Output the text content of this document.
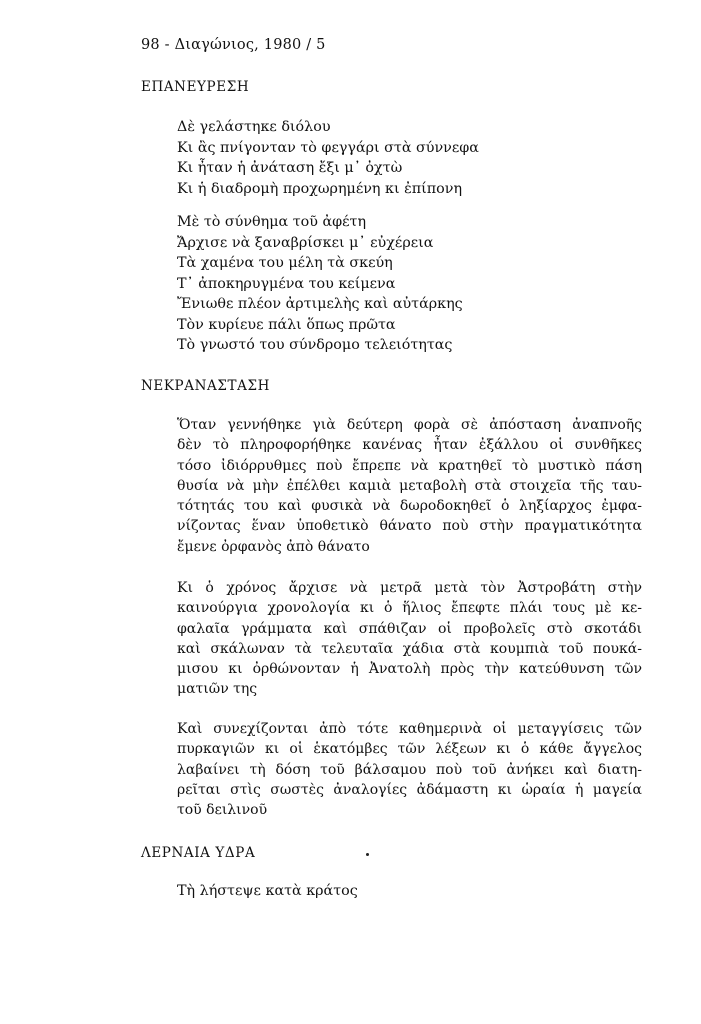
98 - Διαγώνιος, 1980 / 5
ΕΠΑΝΕΥΡΕΣΗ
Δὲ γελάστηκε διόλου
Κι ἂς πνίγονταν τὸ φεγγάρι στὰ σύννεφα
Κι ἦταν ἡ ἀνάταση ἔξι μ᾽ ὀχτὼ
Κι ἡ διαδρομὴ προχωρημένη κι ἐπίπονη
Μὲ τὸ σύνθημα τοῦ ἀφέτη
Ἄρχισε νὰ ξαναβρίσκει μ᾽ εὐχέρεια
Τὰ χαμένα του μέλη τὰ σκεύη
Τ᾽ ἀποκηρυγμένα του κείμενα
Ἔνιωθε πλέον ἀρτιμελὴς καὶ αὐτάρκης
Τὸν κυρίευε πάλι ὅπως πρῶτα
Τὸ γνωστό του σύνδρομο τελειότητας
ΝΕΚΡΑΝΑΣΤΑΣΗ
Ὅταν γεννήθηκε γιὰ δεύτερη φορὰ σὲ ἀπόσταση ἀναπνοῆς
δὲν τὸ πληροφορήθηκε κανένας ἦταν ἐξάλλου οἱ συνθῆκες
τόσο ἰδιόρρυθμες ποὺ ἔπρεπε νὰ κρατηθεῖ τὸ μυστικὸ πάση
θυσία νὰ μὴν ἐπέλθει καμιὰ μεταβολὴ στὰ στοιχεῖα τῆς ταυ-
τότητάς του καὶ φυσικὰ νὰ δωροδοκηθεῖ ὁ ληξίαρχος ἐμφα-
νίζοντας ἕναν ὑποθετικὸ θάνατο ποὺ στὴν πραγματικότητα
ἔμενε ὀρφανὸς ἀπὸ θάνατο
Κι ὁ χρόνος ἄρχισε νὰ μετρᾶ μετὰ τὸν Ἀστροβάτη στὴν
καινούργια χρονολογία κι ὁ ἥλιος ἔπεφτε πλάι τους μὲ κε-
φαλαῖα γράμματα καὶ σπάθιζαν οἱ προβολεῖς στὸ σκοτάδι
καὶ σκάλωναν τὰ τελευταῖα χάδια στὰ κουμπιὰ τοῦ πουκά-
μισου κι ὀρθώνονταν ἡ Ἀνατολὴ πρὸς τὴν κατεύθυνση τῶν
ματιῶν της
Καὶ συνεχίζονται ἀπὸ τότε καθημερινὰ οἱ μεταγγίσεις τῶν
πυρκαγιῶν κι οἱ ἑκατόμβες τῶν λέξεων κι ὁ κάθε ἄγγελος
λαβαίνει τὴ δόση τοῦ βάλσαμου ποὺ τοῦ ἀνήκει καὶ διατη-
ρεῖται στὶς σωστὲς ἀναλογίες ἀδάμαστη κι ὡραία ἡ μαγεία
τοῦ δειλινοῦ
ΛΕΡΝΑΙΑ ΥΔΡΑ
Τὴ λήστεψε κατὰ κράτος
